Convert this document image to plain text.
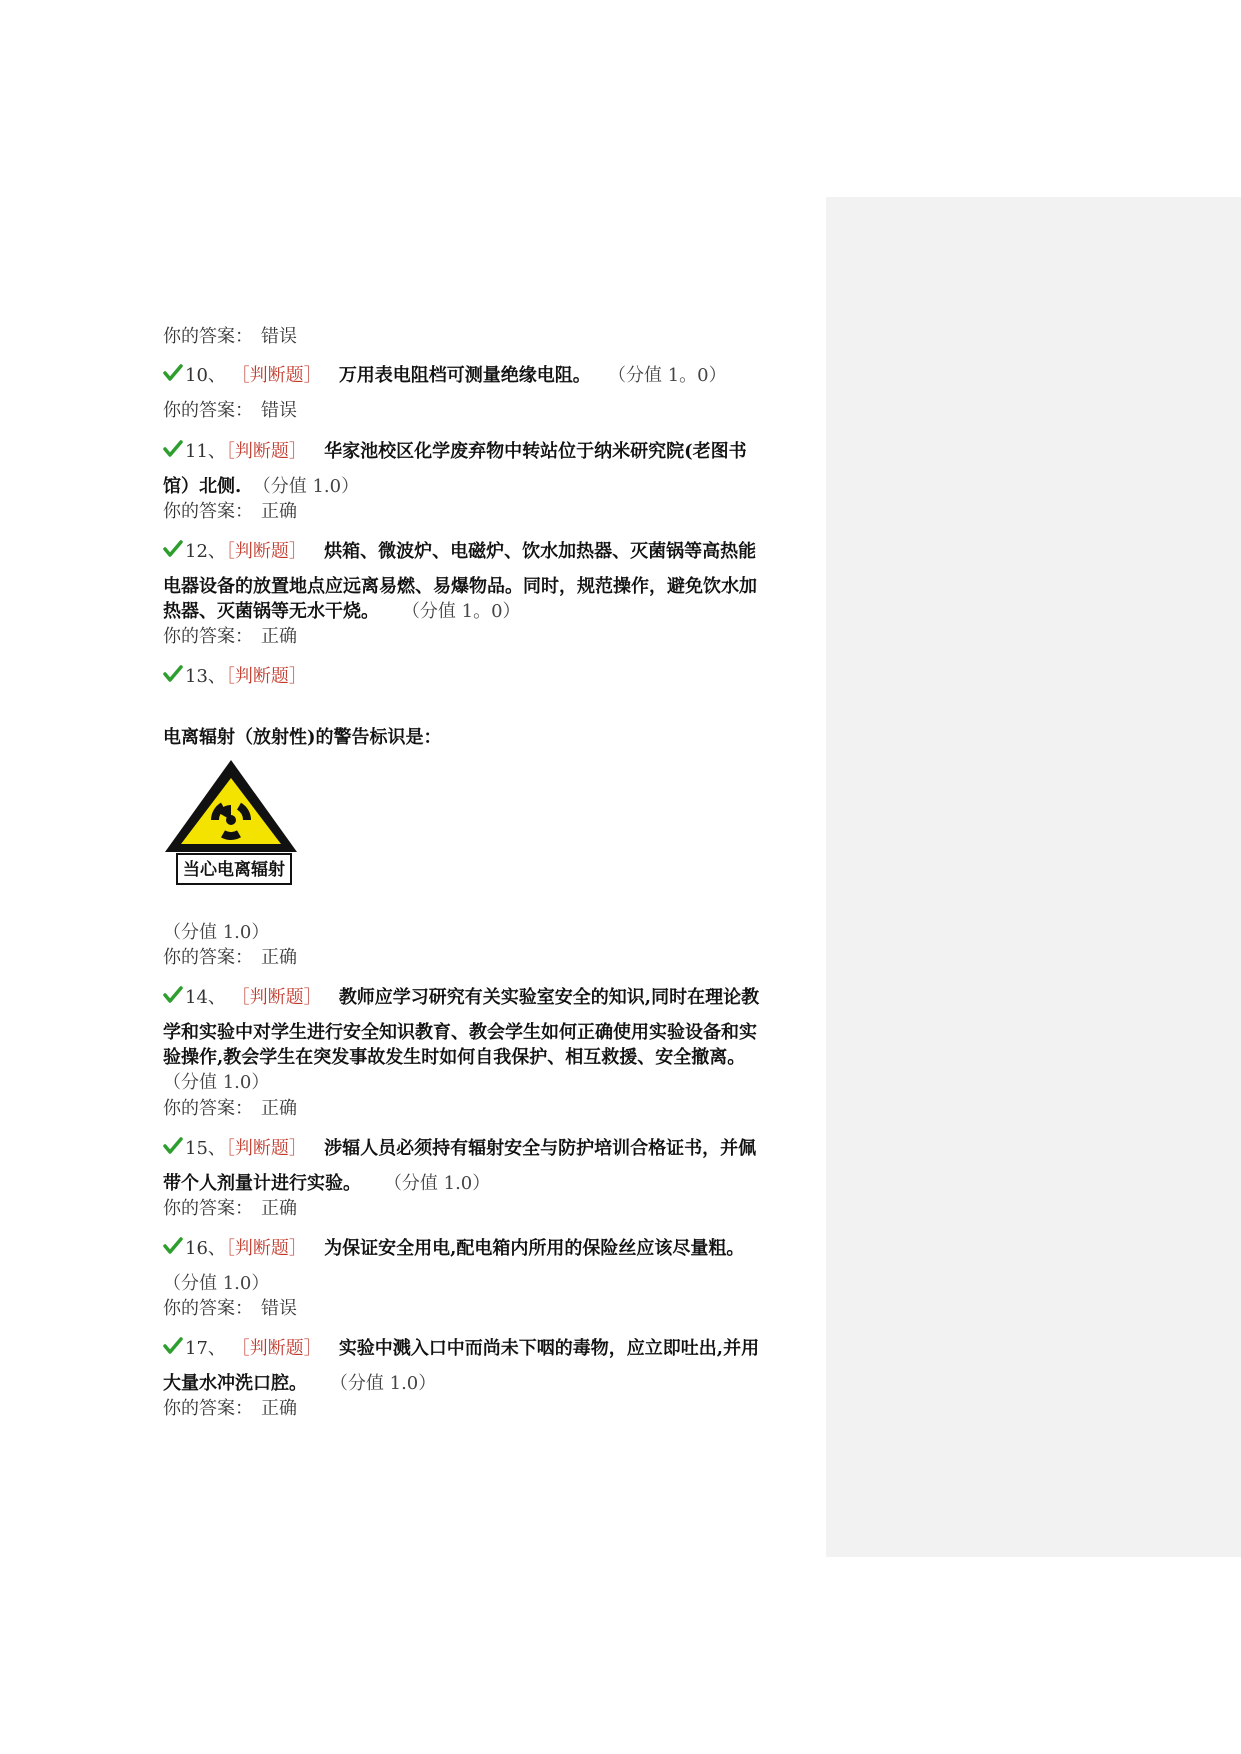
你的答案： 错误
10、 ［判断题］ 万用表电阻档可测量绝缘电阻。 （分值 1。0）
你的答案： 错误
11、［判断题］ 华家池校区化学废弃物中转站位于纳米研究院(老图书
馆）北侧. （分值 1.0）
你的答案： 正确
12、［判断题］ 烘箱、微波炉、电磁炉、饮水加热器、灭菌锅等高热能
电器设备的放置地点应远离易燃、易爆物品。同时，规范操作，避免饮水加
热器、灭菌锅等无水干烧。 （分值 1。0）
你的答案： 正确
13、［判断题］
电离辐射（放射性)的警告标识是：
当心电离辐射
（分值 1.0）
你的答案： 正确
14、 ［判断题］ 教师应学习研究有关实验室安全的知识,同时在理论教
学和实验中对学生进行安全知识教育、教会学生如何正确使用实验设备和实
验操作,教会学生在突发事故发生时如何自我保护、相互救援、安全撤离。
（分值 1.0）
你的答案： 正确
15、［判断题］ 涉辐人员必须持有辐射安全与防护培训合格证书，并佩
带个人剂量计进行实验。 （分值 1.0）
你的答案： 正确
16、［判断题］ 为保证安全用电,配电箱内所用的保险丝应该尽量粗。
（分值 1.0）
你的答案： 错误
17、 ［判断题］ 实验中溅入口中而尚未下咽的毒物，应立即吐出,并用
大量水冲洗口腔。 （分值 1.0）
你的答案： 正确
